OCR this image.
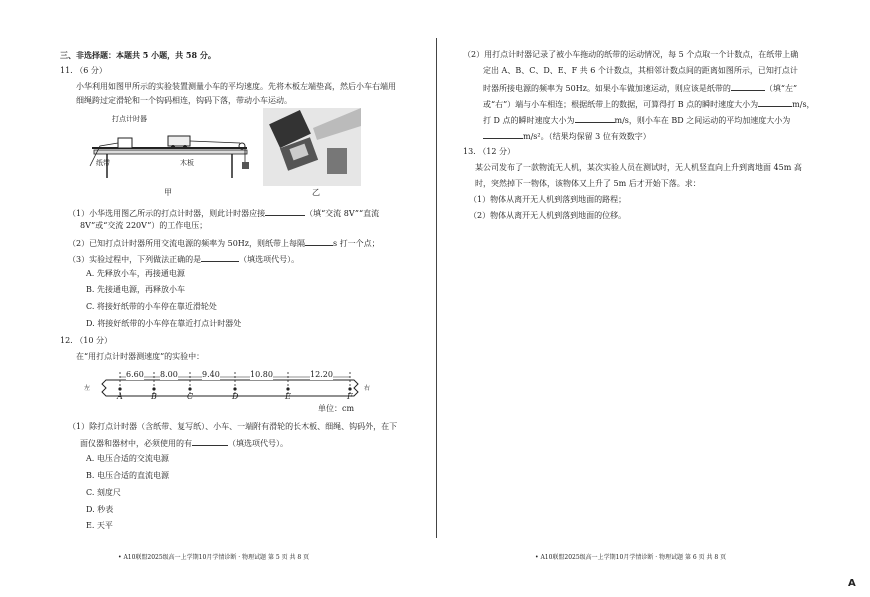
三、非选择题：本题共 5 小题，共 58 分。
11. （6 分）
小华利用如图甲所示的实验装置测量小车的平均速度。先将木板左端垫高，然后小车右端用
细绳跨过定滑轮和一个钩码相连，钩码下落，带动小车运动。
打点计时器
纸带	木板
甲	乙
（1）小华选用图乙所示的打点计时器，则此计时器应接	（填“交流 8V”“直流
8V”或“交流 220V”）的工作电压；
（2）已知打点计时器所用交流电源的频率为 50Hz，则纸带上每隔	s 打一个点；
（3）实验过程中，下列做法正确的是	（填选项代号）。
A. 先释放小车，再接通电源
B. 先接通电源，再释放小车
C. 将接好纸带的小车停在靠近滑轮处
D. 将接好纸带的小车停在靠近打点计时器处
12. （10 分）
在“用打点计时器测速度”的实验中：
左	右
6.60 8.00	9.40	10.80	12.20
A	B	C	D	E	F
单位：cm
（1）除打点计时器（含纸带、复写纸）、小车、一端附有滑轮的长木板、细绳、钩码外，在下
面仪器和器材中，必须使用的有	（填选项代号）。
A. 电压合适的交流电源
B. 电压合适的直流电源
C. 刻度尺
D. 秒表
E. 天平
• A10联盟2025级高一上学期10月学情诊断 · 物理试题 第 5 页 共 8 页
（2）用打点计时器记录了被小车拖动的纸带的运动情况，每 5 个点取一个计数点，在纸带上确
定出 A、B、C、D、E、F 共 6 个计数点，其相邻计数点间的距离如图所示，已知打点计
时器所接电源的频率为 50Hz。如果小车做加速运动，则应该是纸带的	（填“左”
或“右”）端与小车相连；根据纸带上的数据，可算得打 B 点的瞬时速度大小为	m/s，
打 D 点的瞬时速度大小为	m/s，则小车在 BD 之间运动的平均加速度大小为
m/s²。（结果均保留 3 位有效数字）
13. （12 分）
某公司发布了一款物流无人机，某次实验人员在测试时，无人机竖直向上升到离地面 45m 高
时，突然掉下一物体，该物体又上升了 5m 后才开始下落。求：
（1）物体从离开无人机到落到地面的路程；
（2）物体从离开无人机到落到地面的位移。
• A10联盟2025级高一上学期10月学情诊断 · 物理试题 第 6 页 共 8 页
A
